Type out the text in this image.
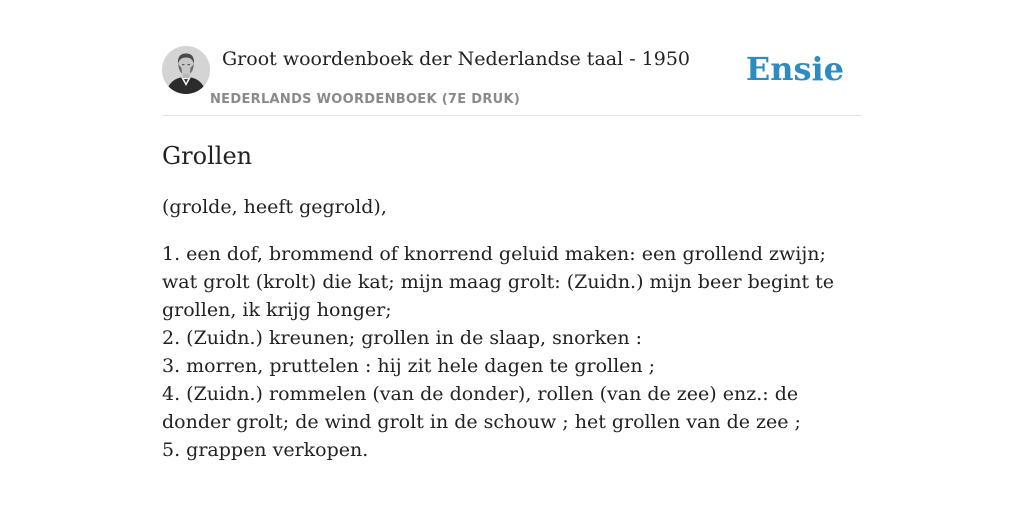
Groot woordenboek der Nederlandse taal - 1950
NEDERLANDS WOORDENBOEK (7E DRUK)
Ensie
Grollen

(grolde, heeft gegrold),

1. een dof, brommend of knorrend geluid maken: een grollend zwijn; wat grolt (krolt) die kat; mijn maag grolt: (Zuidn.) mijn beer begint te grollen, ik krijg honger;
2. (Zuidn.) kreunen; grollen in de slaap, snorken :
3. morren, pruttelen : hij zit hele dagen te grollen ;
4. (Zuidn.) rommelen (van de donder), rollen (van de zee) enz.: de donder grolt; de wind grolt in de schouw ; het grollen van de zee ;
5. grappen verkopen.
